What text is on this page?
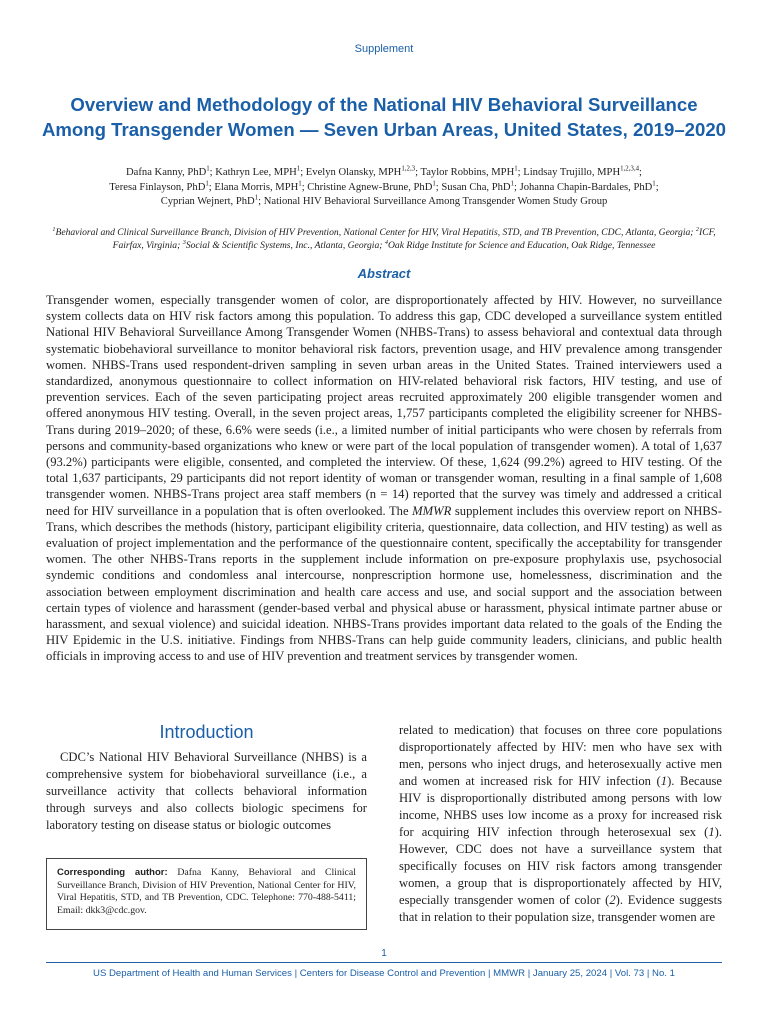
Supplement
Overview and Methodology of the National HIV Behavioral Surveillance Among Transgender Women — Seven Urban Areas, United States, 2019–2020
Dafna Kanny, PhD$^1$; Kathryn Lee, MPH$^1$; Evelyn Olansky, MPH$^{1,2,3}$; Taylor Robbins, MPH$^1$; Lindsay Trujillo, MPH$^{1,2,3,4}$;
Teresa Finlayson, PhD$^1$; Elana Morris, MPH$^1$; Christine Agnew-Brune, PhD$^1$; Susan Cha, PhD$^1$; Johanna Chapin-Bardales, PhD$^1$;
Cyprian Wejnert, PhD$^1$; National HIV Behavioral Surveillance Among Transgender Women Study Group
$^1$Behavioral and Clinical Surveillance Branch, Division of HIV Prevention, National Center for HIV, Viral Hepatitis, STD, and TB Prevention, CDC, Atlanta, Georgia; $^2$ICF, Fairfax, Virginia; $^3$Social & Scientific Systems, Inc., Atlanta, Georgia; $^4$Oak Ridge Institute for Science and Education, Oak Ridge, Tennessee
Abstract

Transgender women, especially transgender women of color, are disproportionately affected by HIV. However, no surveillance system collects data on HIV risk factors among this population. To address this gap, CDC developed a surveillance system entitled National HIV Behavioral Surveillance Among Transgender Women (NHBS-Trans) to assess behavioral and contextual data through systematic biobehavioral surveillance to monitor behavioral risk factors, prevention usage, and HIV prevalence among transgender women. NHBS-Trans used respondent-driven sampling in seven urban areas in the United States. Trained interviewers used a standardized, anonymous questionnaire to collect information on HIV-related behavioral risk factors, HIV testing, and use of prevention services. Each of the seven participating project areas recruited approximately 200 eligible transgender women and offered anonymous HIV testing. Overall, in the seven project areas, 1,757 participants completed the eligibility screener for NHBS-Trans during 2019–2020; of these, 6.6% were seeds (i.e., a limited number of initial participants who were chosen by referrals from persons and community-based organizations who knew or were part of the local population of transgender women). A total of 1,637 (93.2%) participants were eligible, consented, and completed the interview. Of these, 1,624 (99.2%) agreed to HIV testing. Of the total 1,637 participants, 29 participants did not report identity of woman or transgender woman, resulting in a final sample of 1,608 transgender women. NHBS-Trans project area staff members (n = 14) reported that the survey was timely and addressed a critical need for HIV surveillance in a population that is often overlooked. The MMWR supplement includes this overview report on NHBS-Trans, which describes the methods (history, participant eligibility criteria, questionnaire, data collection, and HIV testing) as well as evaluation of project implementation and the performance of the questionnaire content, specifically the acceptability for transgender women. The other NHBS-Trans reports in the supplement include information on pre-exposure prophylaxis use, psychosocial syndemic conditions and condomless anal intercourse, nonprescription hormone use, homelessness, discrimination and the association between employment discrimination and health care access and use, and social support and the association between certain types of violence and harassment (gender-based verbal and physical abuse or harassment, physical intimate partner abuse or harassment, and sexual violence) and suicidal ideation. NHBS-Trans provides important data related to the goals of the Ending the HIV Epidemic in the U.S. initiative. Findings from NHBS-Trans can help guide community leaders, clinicians, and public health officials in improving access to and use of HIV prevention and treatment services by transgender women.

Introduction

CDC’s National HIV Behavioral Surveillance (NHBS) is a comprehensive system for biobehavioral surveillance (i.e., a surveillance activity that collects behavioral information through surveys and also collects biologic specimens for laboratory testing on disease status or biologic outcomes

related to medication) that focuses on three core populations disproportionately affected by HIV: men who have sex with men, persons who inject drugs, and heterosexually active men and women at increased risk for HIV infection (1). Because HIV is disproportionally distributed among persons with low income, NHBS uses low income as a proxy for increased risk for acquiring HIV infection through heterosexual sex (1). However, CDC does not have a surveillance system that specifically focuses on HIV risk factors among transgender women, a group that is disproportionately affected by HIV, especially transgender women of color (2). Evidence suggests that in relation to their population size, transgender women are

Corresponding author: Dafna Kanny, Behavioral and Clinical Surveillance Branch, Division of HIV Prevention, National Center for HIV, Viral Hepatitis, STD, and TB Prevention, CDC. Telephone: 770-488-5411; Email: dkk3@cdc.gov.
1
US Department of Health and Human Services | Centers for Disease Control and Prevention | MMWR | January 25, 2024 | Vol. 73 | No. 1
